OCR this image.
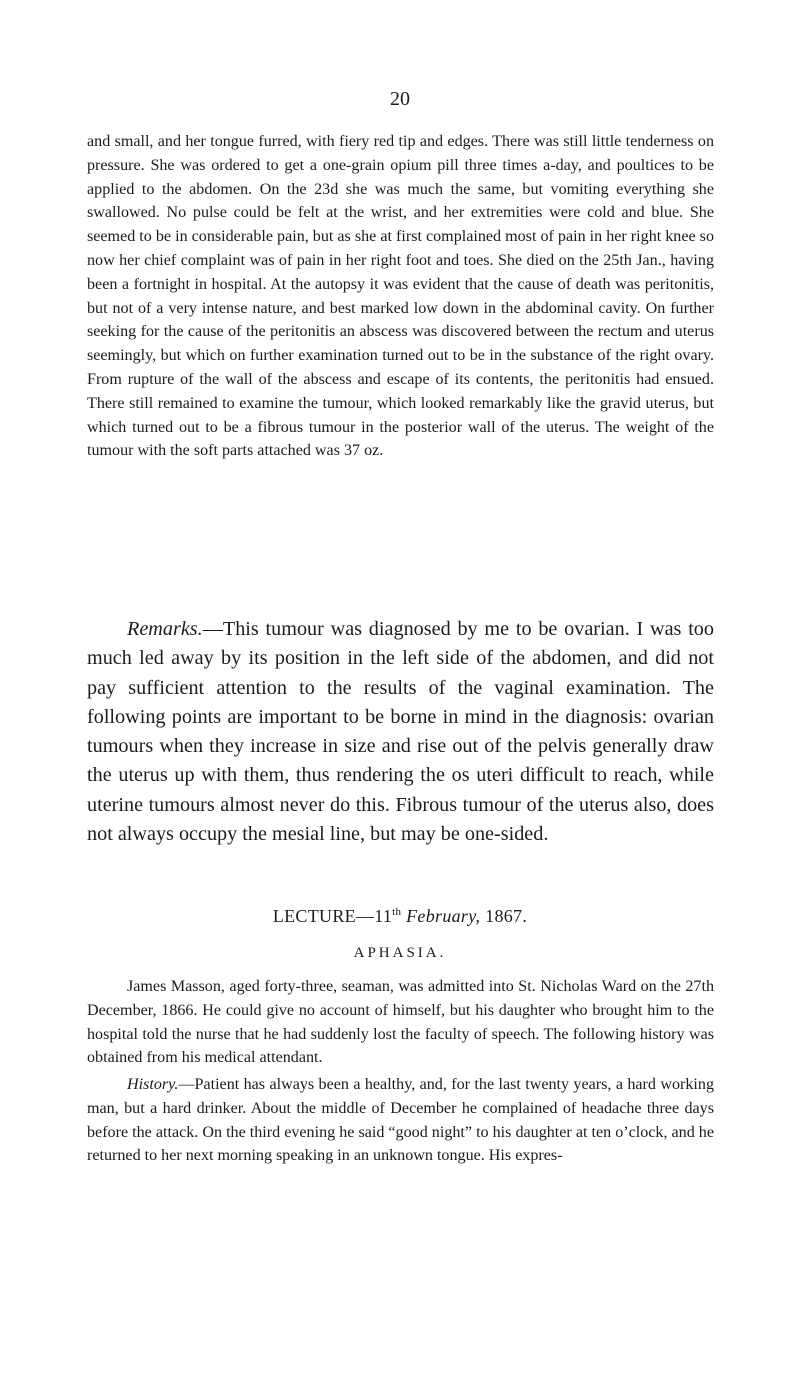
20

and small, and her tongue furred, with fiery red tip and edges. There was still little tenderness on pressure. She was ordered to get a one-grain opium pill three times a-day, and poultices to be applied to the abdomen. On the 23d she was much the same, but vomiting everything she swallowed. No pulse could be felt at the wrist, and her extremities were cold and blue. She seemed to be in considerable pain, but as she at first complained most of pain in her right knee so now her chief complaint was of pain in her right foot and toes. She died on the 25th Jan., having been a fortnight in hospital. At the autopsy it was evident that the cause of death was peritonitis, but not of a very intense nature, and best marked low down in the abdominal cavity. On further seeking for the cause of the peritonitis an abscess was discovered between the rectum and uterus seemingly, but which on further examination turned out to be in the substance of the right ovary. From rupture of the wall of the abscess and escape of its contents, the peritonitis had ensued. There still remained to examine the tumour, which looked remarkably like the gravid uterus, but which turned out to be a fibrous tumour in the posterior wall of the uterus. The weight of the tumour with the soft parts attached was 37 oz.

Remarks.—This tumour was diagnosed by me to be ovarian. I was too much led away by its position in the left side of the abdomen, and did not pay sufficient attention to the results of the vaginal examination. The following points are important to be borne in mind in the diagnosis: ovarian tumours when they increase in size and rise out of the pelvis generally draw the uterus up with them, thus rendering the os uteri difficult to reach, while uterine tumours almost never do this. Fibrous tumour of the uterus also, does not always occupy the mesial line, but may be one-sided.

LECTURE—11th February, 1867.
APHASIA.

James Masson, aged forty-three, seaman, was admitted into St. Nicholas Ward on the 27th December, 1866. He could give no account of himself, but his daughter who brought him to the hospital told the nurse that he had suddenly lost the faculty of speech. The following history was obtained from his medical attendant.

History.—Patient has always been a healthy, and, for the last twenty years, a hard working man, but a hard drinker. About the middle of December he complained of headache three days before the attack. On the third evening he said “good night” to his daughter at ten o’clock, and he returned to her next morning speaking in an unknown tongue. His expres-
